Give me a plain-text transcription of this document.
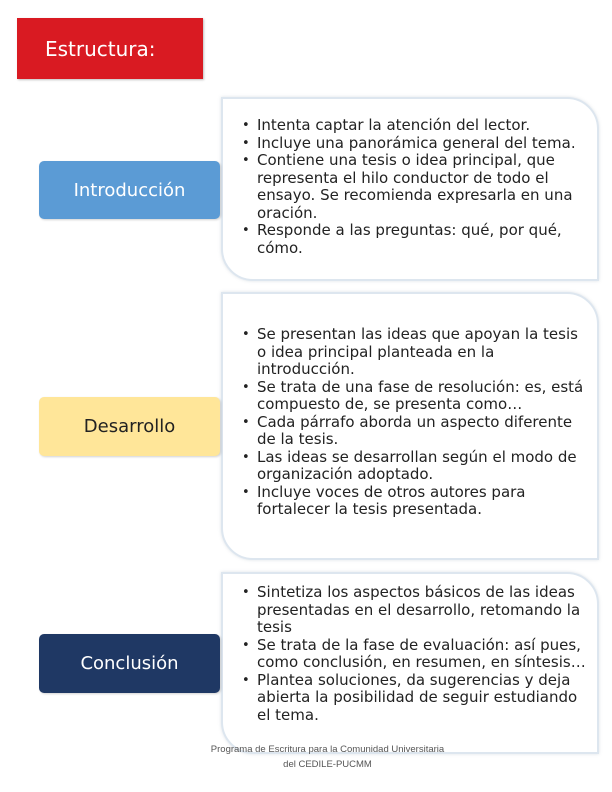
Estructura:
• Intenta captar la atención del lector.
• Incluye una panorámica general del tema.
• Contiene una tesis o idea principal, que representa el hilo conductor de todo el ensayo. Se recomienda expresarla en una oración.
• Responde a las preguntas: qué, por qué, cómo.
Introducción
• Se presentan las ideas que apoyan la tesis o idea principal planteada en la introducción.
• Se trata de una fase de resolución: es, está compuesto de, se presenta como…
• Cada párrafo aborda un aspecto diferente de la tesis.
• Las ideas se desarrollan según el modo de organización adoptado.
• Incluye voces de otros autores para fortalecer la tesis presentada.
Desarrollo
• Sintetiza los aspectos básicos de las ideas presentadas en el desarrollo, retomando la tesis
• Se trata de la fase de evaluación: así pues, como conclusión, en resumen, en síntesis…
• Plantea soluciones, da sugerencias y deja abierta la posibilidad de seguir estudiando el tema.
Conclusión
Programa de Escritura para la Comunidad Universitaria
del CEDILE-PUCMM
